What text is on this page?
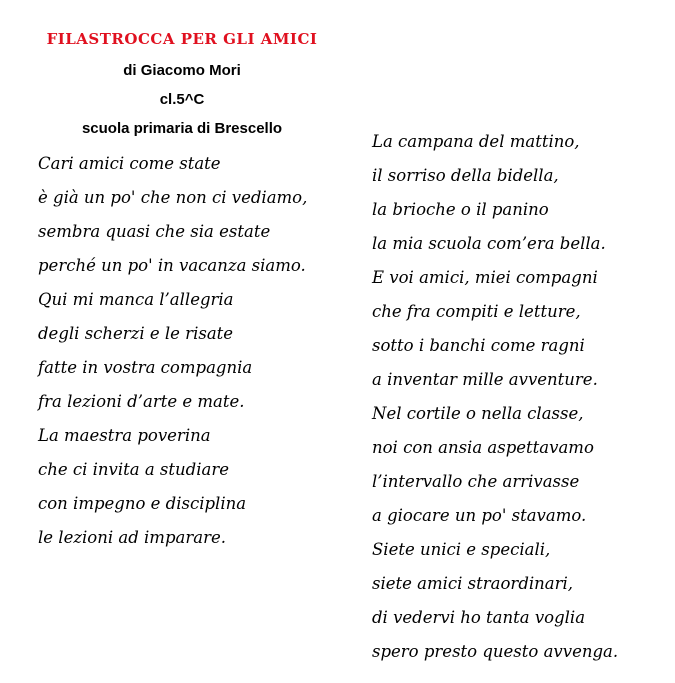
FILASTROCCA PER GLI AMICI
di Giacomo Mori
cl.5^C
scuola primaria di Brescello
Cari amici come state
è già un po' che non ci vediamo,
sembra quasi che sia estate
perché un po' in vacanza siamo.
Qui mi manca l’allegria
degli scherzi e le risate
fatte in vostra compagnia
fra lezioni d’arte e mate.
La maestra poverina
che ci invita a studiare
con impegno e disciplina
le lezioni ad imparare.
La campana del mattino,
il sorriso della bidella,
la brioche o il panino
la mia scuola com’era bella.
E voi amici, miei compagni
che fra compiti e letture,
sotto i banchi come ragni
a inventar mille avventure.
Nel cortile o nella classe,
noi con ansia aspettavamo
l’intervallo che arrivasse
a giocare un po' stavamo.
Siete unici e speciali,
siete amici straordinari,
di vedervi ho tanta voglia
spero presto questo avvenga.
